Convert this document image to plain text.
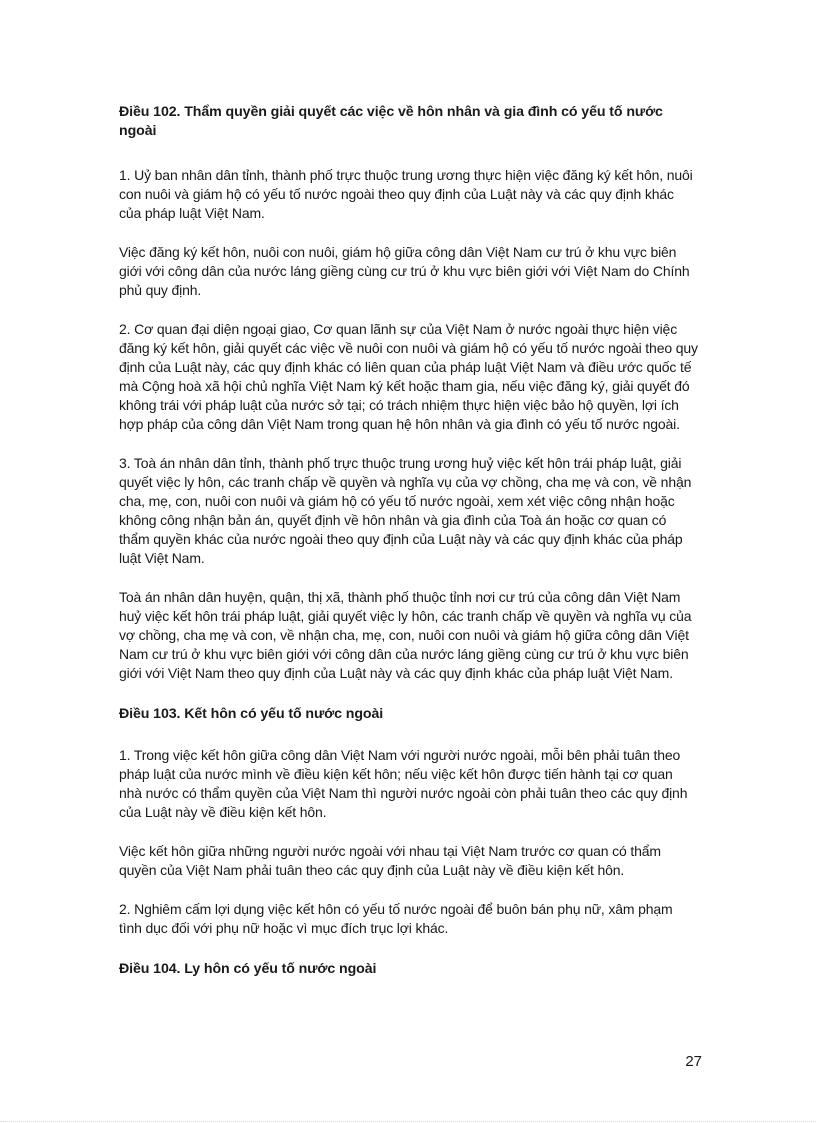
Điều 102. Thẩm quyền giải quyết các việc về hôn nhân và gia đình có yếu tố nước ngoài

1. Uỷ ban nhân dân tỉnh, thành phố trực thuộc trung ương thực hiện việc đăng ký kết hôn, nuôi con nuôi và giám hộ có yếu tố nước ngoài theo quy định của Luật này và các quy định khác của pháp luật Việt Nam.

Việc đăng ký kết hôn, nuôi con nuôi, giám hộ giữa công dân Việt Nam cư trú ở khu vực biên giới với công dân của nước láng giềng cùng cư trú ở khu vực biên giới với Việt Nam do Chính phủ quy định.

2. Cơ quan đại diện ngoại giao, Cơ quan lãnh sự của Việt Nam ở nước ngoài thực hiện việc đăng ký kết hôn, giải quyết các việc về nuôi con nuôi và giám hộ có yếu tố nước ngoài theo quy định của Luật này, các quy định khác có liên quan của pháp luật Việt Nam và điều ước quốc tế mà Cộng hoà xã hội chủ nghĩa Việt Nam ký kết hoặc tham gia, nếu việc đăng ký, giải quyết đó không trái với pháp luật của nước sở tại; có trách nhiệm thực hiện việc bảo hộ quyền, lợi ích hợp pháp của công dân Việt Nam trong quan hệ hôn nhân và gia đình có yếu tố nước ngoài.

3. Toà án nhân dân tỉnh, thành phố trực thuộc trung ương huỷ việc kết hôn trái pháp luật, giải quyết việc ly hôn, các tranh chấp về quyền và nghĩa vụ của vợ chồng, cha mẹ và con, về nhận cha, mẹ, con, nuôi con nuôi và giám hộ có yếu tố nước ngoài, xem xét việc công nhận hoặc không công nhận bản án, quyết định về hôn nhân và gia đình của Toà án hoặc cơ quan có thẩm quyền khác của nước ngoài theo quy định của Luật này và các quy định khác của pháp luật Việt Nam.

Toà án nhân dân huyện, quận, thị xã, thành phố thuộc tỉnh nơi cư trú của công dân Việt Nam huỷ việc kết hôn trái pháp luật, giải quyết việc ly hôn, các tranh chấp về quyền và nghĩa vụ của vợ chồng, cha mẹ và con, về nhận cha, mẹ, con, nuôi con nuôi và giám hộ giữa công dân Việt Nam cư trú ở khu vực biên giới với công dân của nước láng giềng cùng cư trú ở khu vực biên giới với Việt Nam theo quy định của Luật này và các quy định khác của pháp luật Việt Nam.

Điều 103. Kết hôn có yếu tố nước ngoài

1. Trong việc kết hôn giữa công dân Việt Nam với người nước ngoài, mỗi bên phải tuân theo pháp luật của nước mình về điều kiện kết hôn; nếu việc kết hôn được tiến hành tại cơ quan nhà nước có thẩm quyền của Việt Nam thì người nước ngoài còn phải tuân theo các quy định của Luật này về điều kiện kết hôn.

Việc kết hôn giữa những người nước ngoài với nhau tại Việt Nam trước cơ quan có thẩm quyền của Việt Nam phải tuân theo các quy định của Luật này về điều kiện kết hôn.

2. Nghiêm cấm lợi dụng việc kết hôn có yếu tố nước ngoài để buôn bán phụ nữ, xâm phạm tình dục đối với phụ nữ hoặc vì mục đích trục lợi khác.

Điều 104. Ly hôn có yếu tố nước ngoài
27
